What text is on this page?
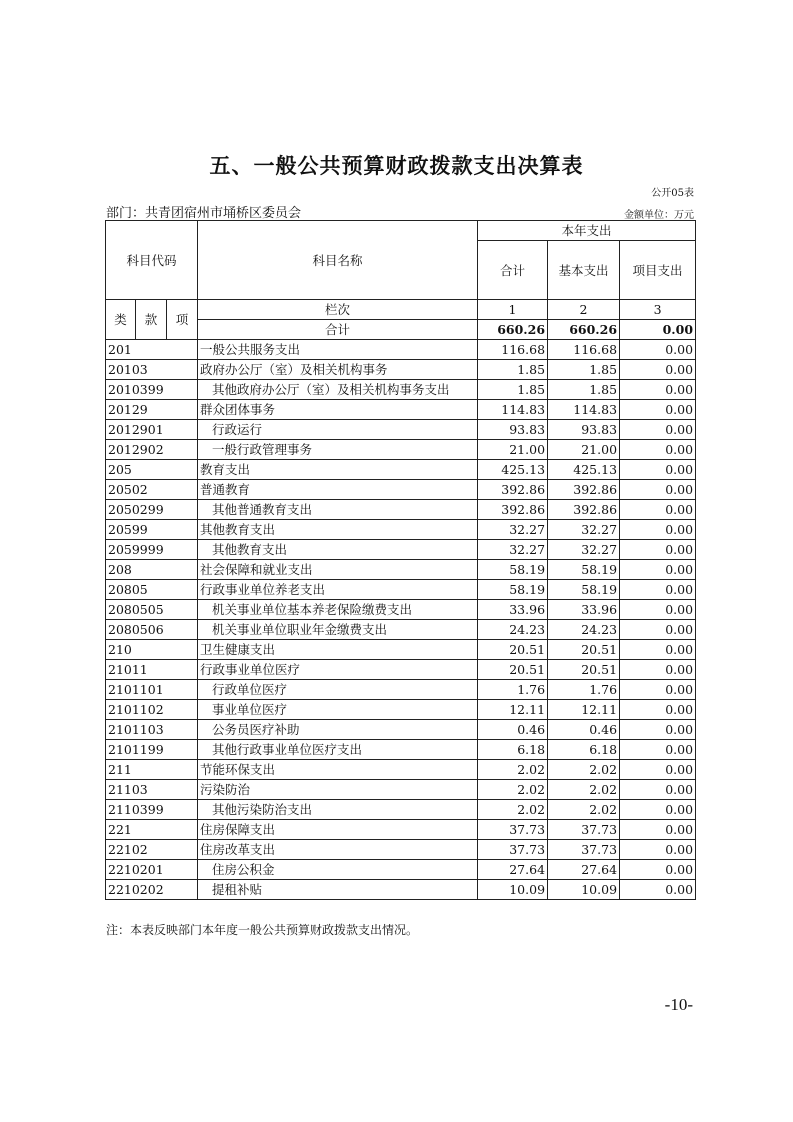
五、一般公共预算财政拨款支出决算表
公开05表
部门：共青团宿州市埇桥区委员会	金额单位：万元
科目代码			科目名称	本年支出		
				合计	基本支出	项目支出
类	款	项	栏次	1	2	3
			合计	660.26	660.26	0.00
201			一般公共服务支出	116.68	116.68	0.00
20103			政府办公厅（室）及相关机构事务	1.85	1.85	0.00
2010399			其他政府办公厅（室）及相关机构事务支出	1.85	1.85	0.00
20129			群众团体事务	114.83	114.83	0.00
2012901			行政运行	93.83	93.83	0.00
2012902			一般行政管理事务	21.00	21.00	0.00
205			教育支出	425.13	425.13	0.00
20502			普通教育	392.86	392.86	0.00
2050299			其他普通教育支出	392.86	392.86	0.00
20599			其他教育支出	32.27	32.27	0.00
2059999			其他教育支出	32.27	32.27	0.00
208			社会保障和就业支出	58.19	58.19	0.00
20805			行政事业单位养老支出	58.19	58.19	0.00
2080505			机关事业单位基本养老保险缴费支出	33.96	33.96	0.00
2080506			机关事业单位职业年金缴费支出	24.23	24.23	0.00
210			卫生健康支出	20.51	20.51	0.00
21011			行政事业单位医疗	20.51	20.51	0.00
2101101			行政单位医疗	1.76	1.76	0.00
2101102			事业单位医疗	12.11	12.11	0.00
2101103			公务员医疗补助	0.46	0.46	0.00
2101199			其他行政事业单位医疗支出	6.18	6.18	0.00
211			节能环保支出	2.02	2.02	0.00
21103			污染防治	2.02	2.02	0.00
2110399			其他污染防治支出	2.02	2.02	0.00
221			住房保障支出	37.73	37.73	0.00
22102			住房改革支出	37.73	37.73	0.00
2210201			住房公积金	27.64	27.64	0.00
2210202			提租补贴	10.09	10.09	0.00
注：本表反映部门本年度一般公共预算财政拨款支出情况。
-10-
